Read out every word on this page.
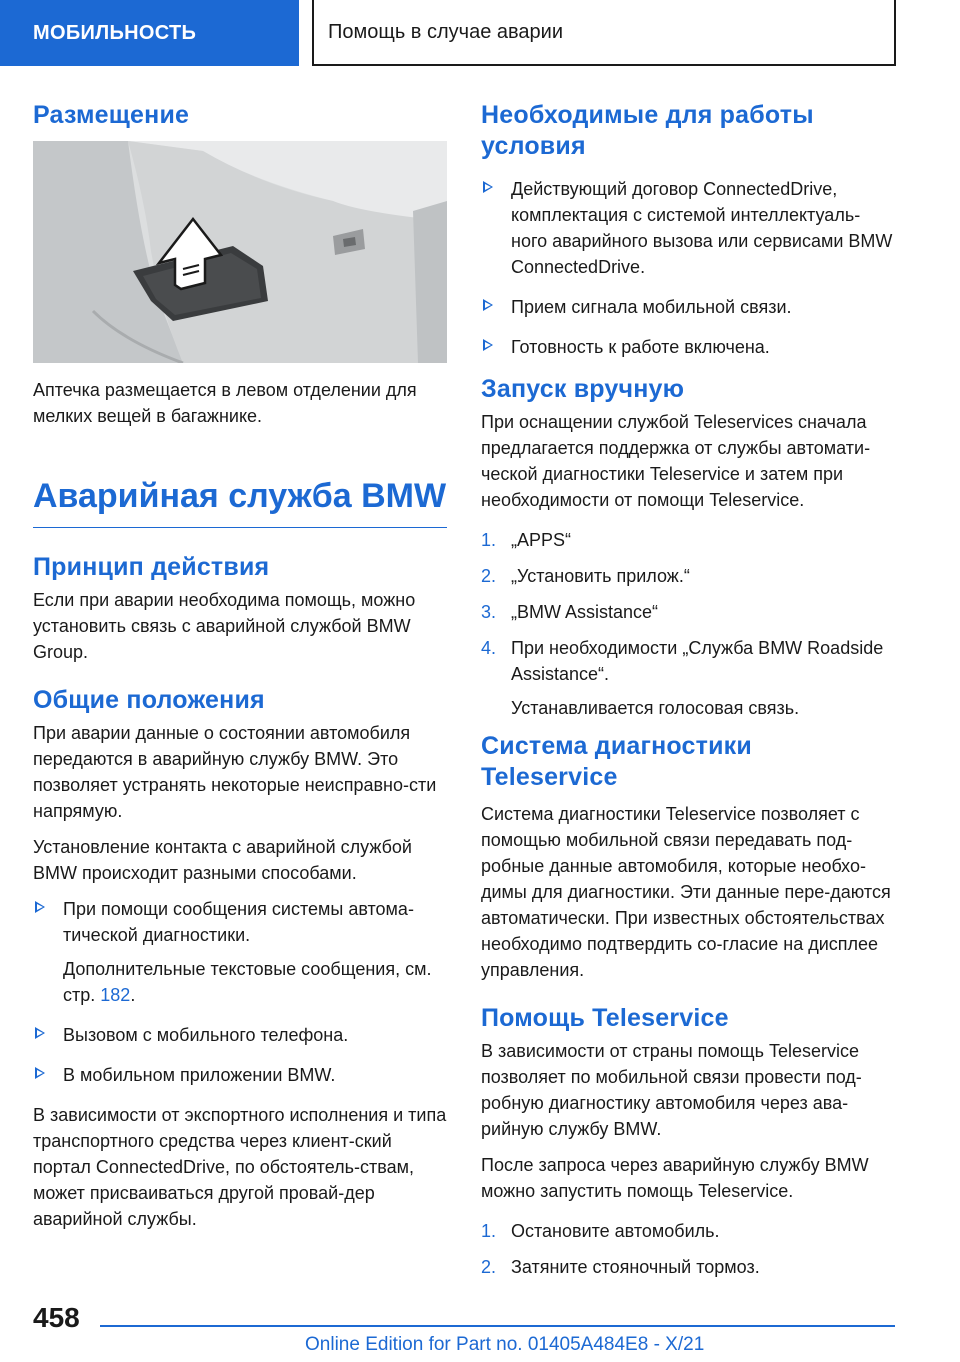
МОБИЛЬНОСТЬ	Помощь в случае аварии
Размещение

Аптечка размещается в левом отделении для мелких вещей в багажнике.

Аварийная служба BMW
Принцип действия

Если при аварии необходима помощь, можно установить связь с аварийной службой BMW Group.

Общие положения

При аварии данные о состоянии автомобиля передаются в аварийную службу BMW. Это позволяет устранять некоторые неисправно-сти напрямую.

Установление контакта с аварийной службой BMW происходит разными способами.

При помощи сообщения системы автома-тической диагностики.

Дополнительные текстовые сообщения, см. стр. 182.

Вызовом с мобильного телефона.
В мобильном приложении BMW.

В зависимости от экспортного исполнения и типа транспортного средства через клиент-ский портал ConnectedDrive, по обстоятель-ствам, может присваиваться другой провай-дер аварийной службы.

Необходимые для работы условия
Действующий договор ConnectedDrive, комплектация с системой интеллектуаль-ного аварийного вызова или сервисами BMW ConnectedDrive.
Прием сигнала мобильной связи.
Готовность к работе включена.
Запуск вручную

При оснащении службой Teleservices сначала предлагается поддержка от службы автомати-ческой диагностики Teleservice и затем при необходимости от помощи Teleservice.

1. „APPS“
2. „Установить прилож.“
3. „BMW Assistance“
4. При необходимости „Служба BMW Roadside Assistance“.

Устанавливается голосовая связь.

Система диагностики Teleservice

Система диагностики Teleservice позволяет с помощью мобильной связи передавать под-робные данные автомобиля, которые необхо-димы для диагностики. Эти данные пере-даются автоматически. При известных обстоятельствах необходимо подтвердить со-гласие на дисплее управления.

Помощь Teleservice

В зависимости от страны помощь Teleservice позволяет по мобильной связи провести под-робную диагностику автомобиля через ава-рийную службу BMW.

После запроса через аварийную службу BMW можно запустить помощь Teleservice.

1. Остановите автомобиль.
2. Затяните стояночный тормоз.
458
Online Edition for Part no. 01405A484E8 - X/21
